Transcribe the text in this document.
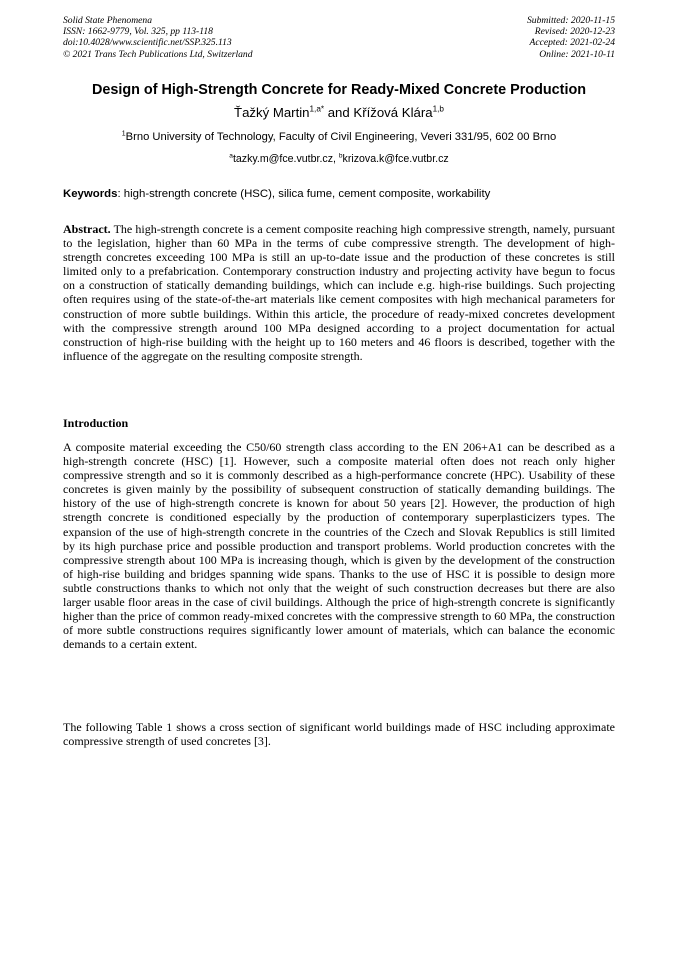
Solid State Phenomena
ISSN: 1662-9779, Vol. 325, pp 113-118
doi:10.4028/www.scientific.net/SSP.325.113
© 2021 Trans Tech Publications Ltd, Switzerland
Submitted: 2020-11-15
Revised: 2020-12-23
Accepted: 2021-02-24
Online: 2021-10-11
Design of High-Strength Concrete for Ready-Mixed Concrete Production
Ťažký Martin$^{1,a*}$ and Křížová Klára$^{1,b}$
$^1$Brno University of Technology, Faculty of Civil Engineering, Veveri 331/95, 602 00 Brno
$^a$tazky.m@fce.vutbr.cz, $^b$krizova.k@fce.vutbr.cz
Keywords: high-strength concrete (HSC), silica fume, cement composite, workability
Abstract. The high-strength concrete is a cement composite reaching high compressive strength, namely, pursuant to the legislation, higher than 60 MPa in the terms of cube compressive strength. The development of high-strength concretes exceeding 100 MPa is still an up-to-date issue and the production of these concretes is still limited only to a prefabrication. Contemporary construction industry and projecting activity have begun to focus on a construction of statically demanding buildings, which can include e.g. high-rise buildings. Such projecting often requires using of the state-of-the-art materials like cement composites with high mechanical parameters for construction of more subtle buildings. Within this article, the procedure of ready-mixed concretes development with the compressive strength around 100 MPa designed according to a project documentation for actual construction of high-rise building with the height up to 160 meters and 46 floors is described, together with the influence of the aggregate on the resulting composite strength.
Introduction
A composite material exceeding the C50/60 strength class according to the EN 206+A1 can be described as a high-strength concrete (HSC) [1]. However, such a composite material often does not reach only higher compressive strength and so it is commonly described as a high-performance concrete (HPC). Usability of these concretes is given mainly by the possibility of subsequent construction of statically demanding buildings. The history of the use of high-strength concrete is known for about 50 years [2]. However, the production of high strength concrete is conditioned especially by the production of contemporary superplasticizers types. The expansion of the use of high-strength concrete in the countries of the Czech and Slovak Republics is still limited by its high purchase price and possible production and transport problems. World production concretes with the compressive strength about 100 MPa is increasing though, which is given by the development of the construction of high-rise building and bridges spanning wide spans. Thanks to the use of HSC it is possible to design more subtle constructions thanks to which not only that the weight of such construction decreases but there are also larger usable floor areas in the case of civil buildings. Although the price of high-strength concrete is significantly higher than the price of common ready-mixed concretes with the compressive strength to 60 MPa, the construction of more subtle constructions requires significantly lower amount of materials, which can balance the economic demands to a certain extent.
The following Table 1 shows a cross section of significant world buildings made of HSC including approximate compressive strength of used concretes [3].
